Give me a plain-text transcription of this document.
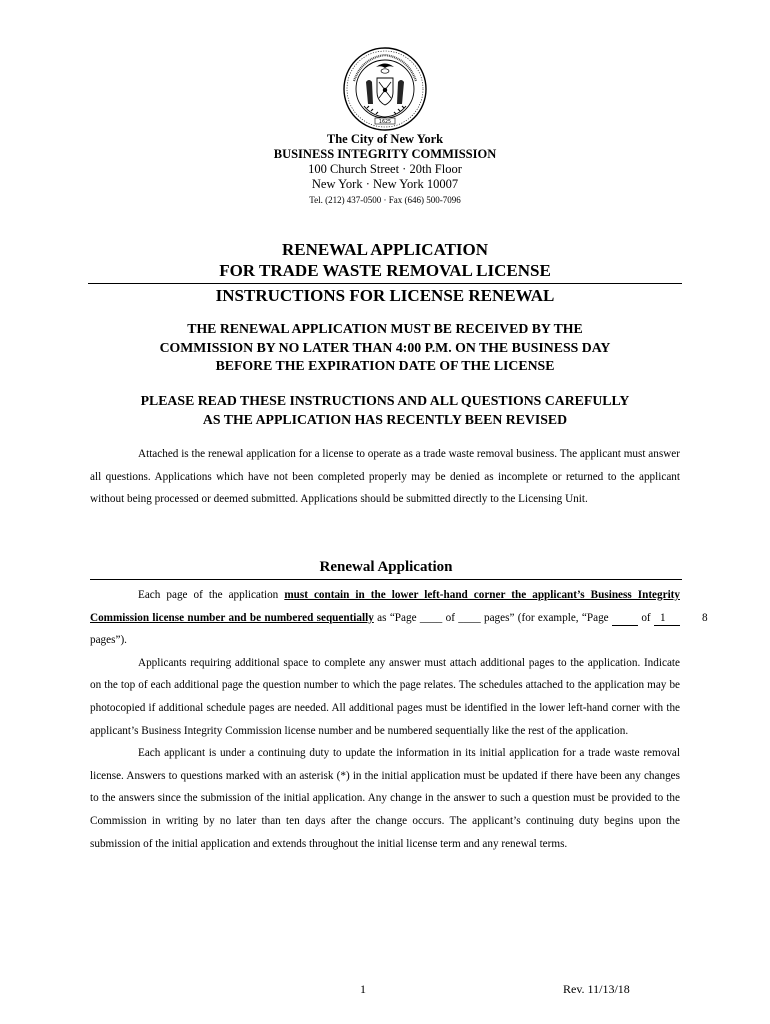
1625

The City of New York

BUSINESS INTEGRITY COMMISSION

100 Church Street · 20th Floor

New York · New York 10007

Tel. (212) 437-0500 · Fax (646) 500-7096

RENEWAL APPLICATION

FOR TRADE WASTE REMOVAL LICENSE

INSTRUCTIONS FOR LICENSE RENEWAL

THE RENEWAL APPLICATION MUST BE RECEIVED BY THE

COMMISSION BY NO LATER THAN 4:00 P.M. ON THE BUSINESS DAY

BEFORE THE EXPIRATION DATE OF THE LICENSE

PLEASE READ THESE INSTRUCTIONS AND ALL QUESTIONS CAREFULLY

AS THE APPLICATION HAS RECENTLY BEEN REVISED

Attached is the renewal application for a license to operate as a trade waste removal business. The applicant must answer all questions. Applications which have not been completed properly may be denied as incomplete or returned to the applicant without being processed or deemed submitted. Applications should be submitted directly to the Licensing Unit.

Renewal Application

Each page of the application must contain in the lower left-hand corner the applicant’s Business Integrity Commission license number and be numbered sequentially as “Page ____ of ____ pages” (for example, “Page	1 of	8 pages”).

Applicants requiring additional space to complete any answer must attach additional pages to the application. Indicate on the top of each additional page the question number to which the page relates. The schedules attached to the application may be photocopied if additional schedule pages are needed. All additional pages must be identified in the lower left-hand corner with the applicant’s Business Integrity Commission license number and be numbered sequentially like the rest of the application.

Each applicant is under a continuing duty to update the information in its initial application for a trade waste removal license. Answers to questions marked with an asterisk (*) in the initial application must be updated if there have been any changes to the answers since the submission of the initial application. Any change in the answer to such a question must be provided to the Commission in writing by no later than ten days after the change occurs. The applicant’s continuing duty begins upon the submission of the initial application and extends throughout the initial license term and any renewal terms.

1	Rev. 11/13/18
